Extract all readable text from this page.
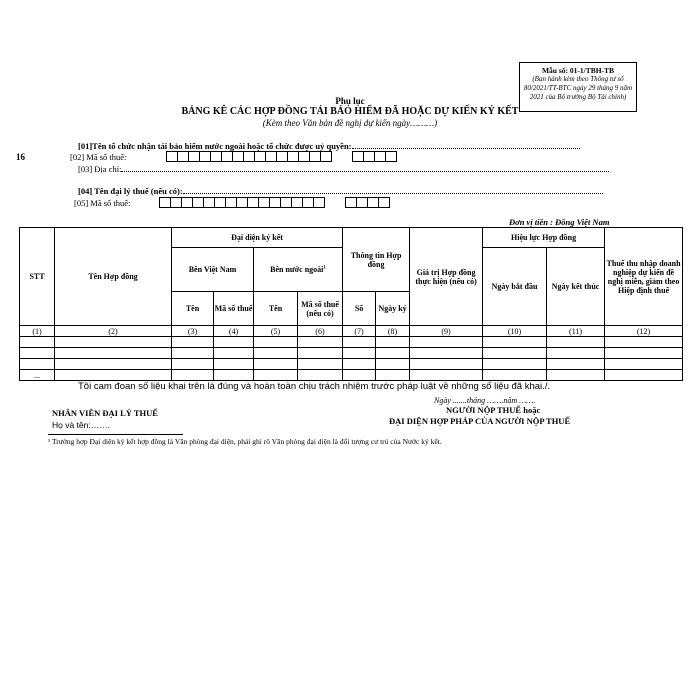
Mẫu số: 01-1/TBH-TB
(Ban hành kèm theo Thông tư số 80/2021/TT-BTC ngày 29 tháng 9 năm 2021 của Bộ trưởng Bộ Tài chính)
Phụ lục
BẢNG KÊ CÁC HỢP ĐỒNG TÁI BẢO HIỂM ĐÃ HOẶC DỰ KIẾN KÝ KẾT
(Kèm theo Văn bản đề nghị dự kiến ngày………)
16
[01]Tên tổ chức nhận tái bảo hiểm nước ngoài hoặc tổ chức được uỷ quyền:
[02] Mã số thuế:
[03] Địa chỉ:
[04] Tên đại lý thuế (nếu có):
[05] Mã số thuế:
Đơn vị tiền : Đồng Việt Nam
STT	Tên Hợp đồng	Đại diện ký kết				Thông tin Hợp đồng		Giá trị Hợp đồng thực hiện (nếu có)	Hiệu lực Hợp đồng		Thuế thu nhập doanh nghiệp dự kiến đề nghị miễn, giảm theo Hiệp định thuế
		Bên Việt Nam		Bên nước ngoài$^1$					Ngày bắt đầu	Ngày kết thúc	
		Tên	Mã số thuế	Tên	Mã số thuế (nếu có)	Số	Ngày ký				
(1)	(2)	(3)	(4)	(5)	(6)	(7)	(8)	(9)	(10)	(11)	(12)

...											
Tôi cam đoan số liệu khai trên là đúng và hoàn toàn chịu trách nhiệm trước pháp luật về những số liệu đã khai./.
Ngày .......tháng …….năm …….
NHÂN VIÊN ĐẠI LÝ THUẾ
Họ và tên:…….
NGƯỜI NỘP THUẾ hoặc
ĐẠI DIỆN HỢP PHÁP CỦA NGƯỜI NỘP THUẾ
¹ Trường hợp Đại diện ký kết hợp đồng là Văn phòng đại diện, phải ghi rõ Văn phòng đại diện là đối tượng cư trú của Nước ký kết.
